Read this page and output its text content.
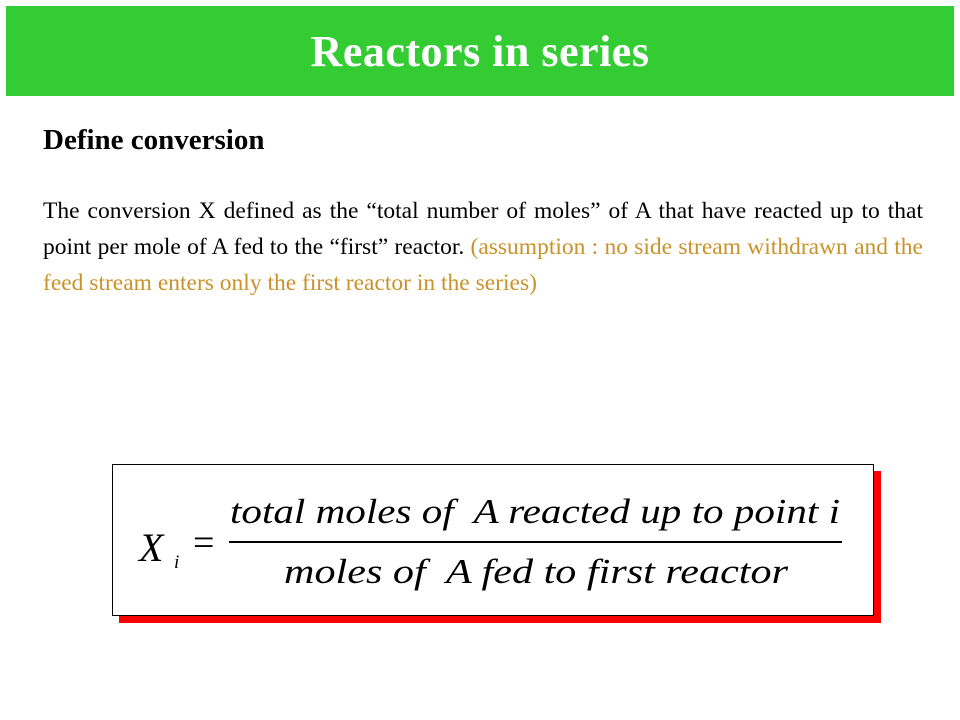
Reactors in series
Define conversion

The conversion X defined as the “total number of moles” of A that have reacted up to that point per mole of A fed to the “first” reactor. (assumption : no side stream withdrawn and the feed stream enters only the first reactor in the series)

X i =
total moles of  A reacted up to point i
moles of  A fed to first reactor
